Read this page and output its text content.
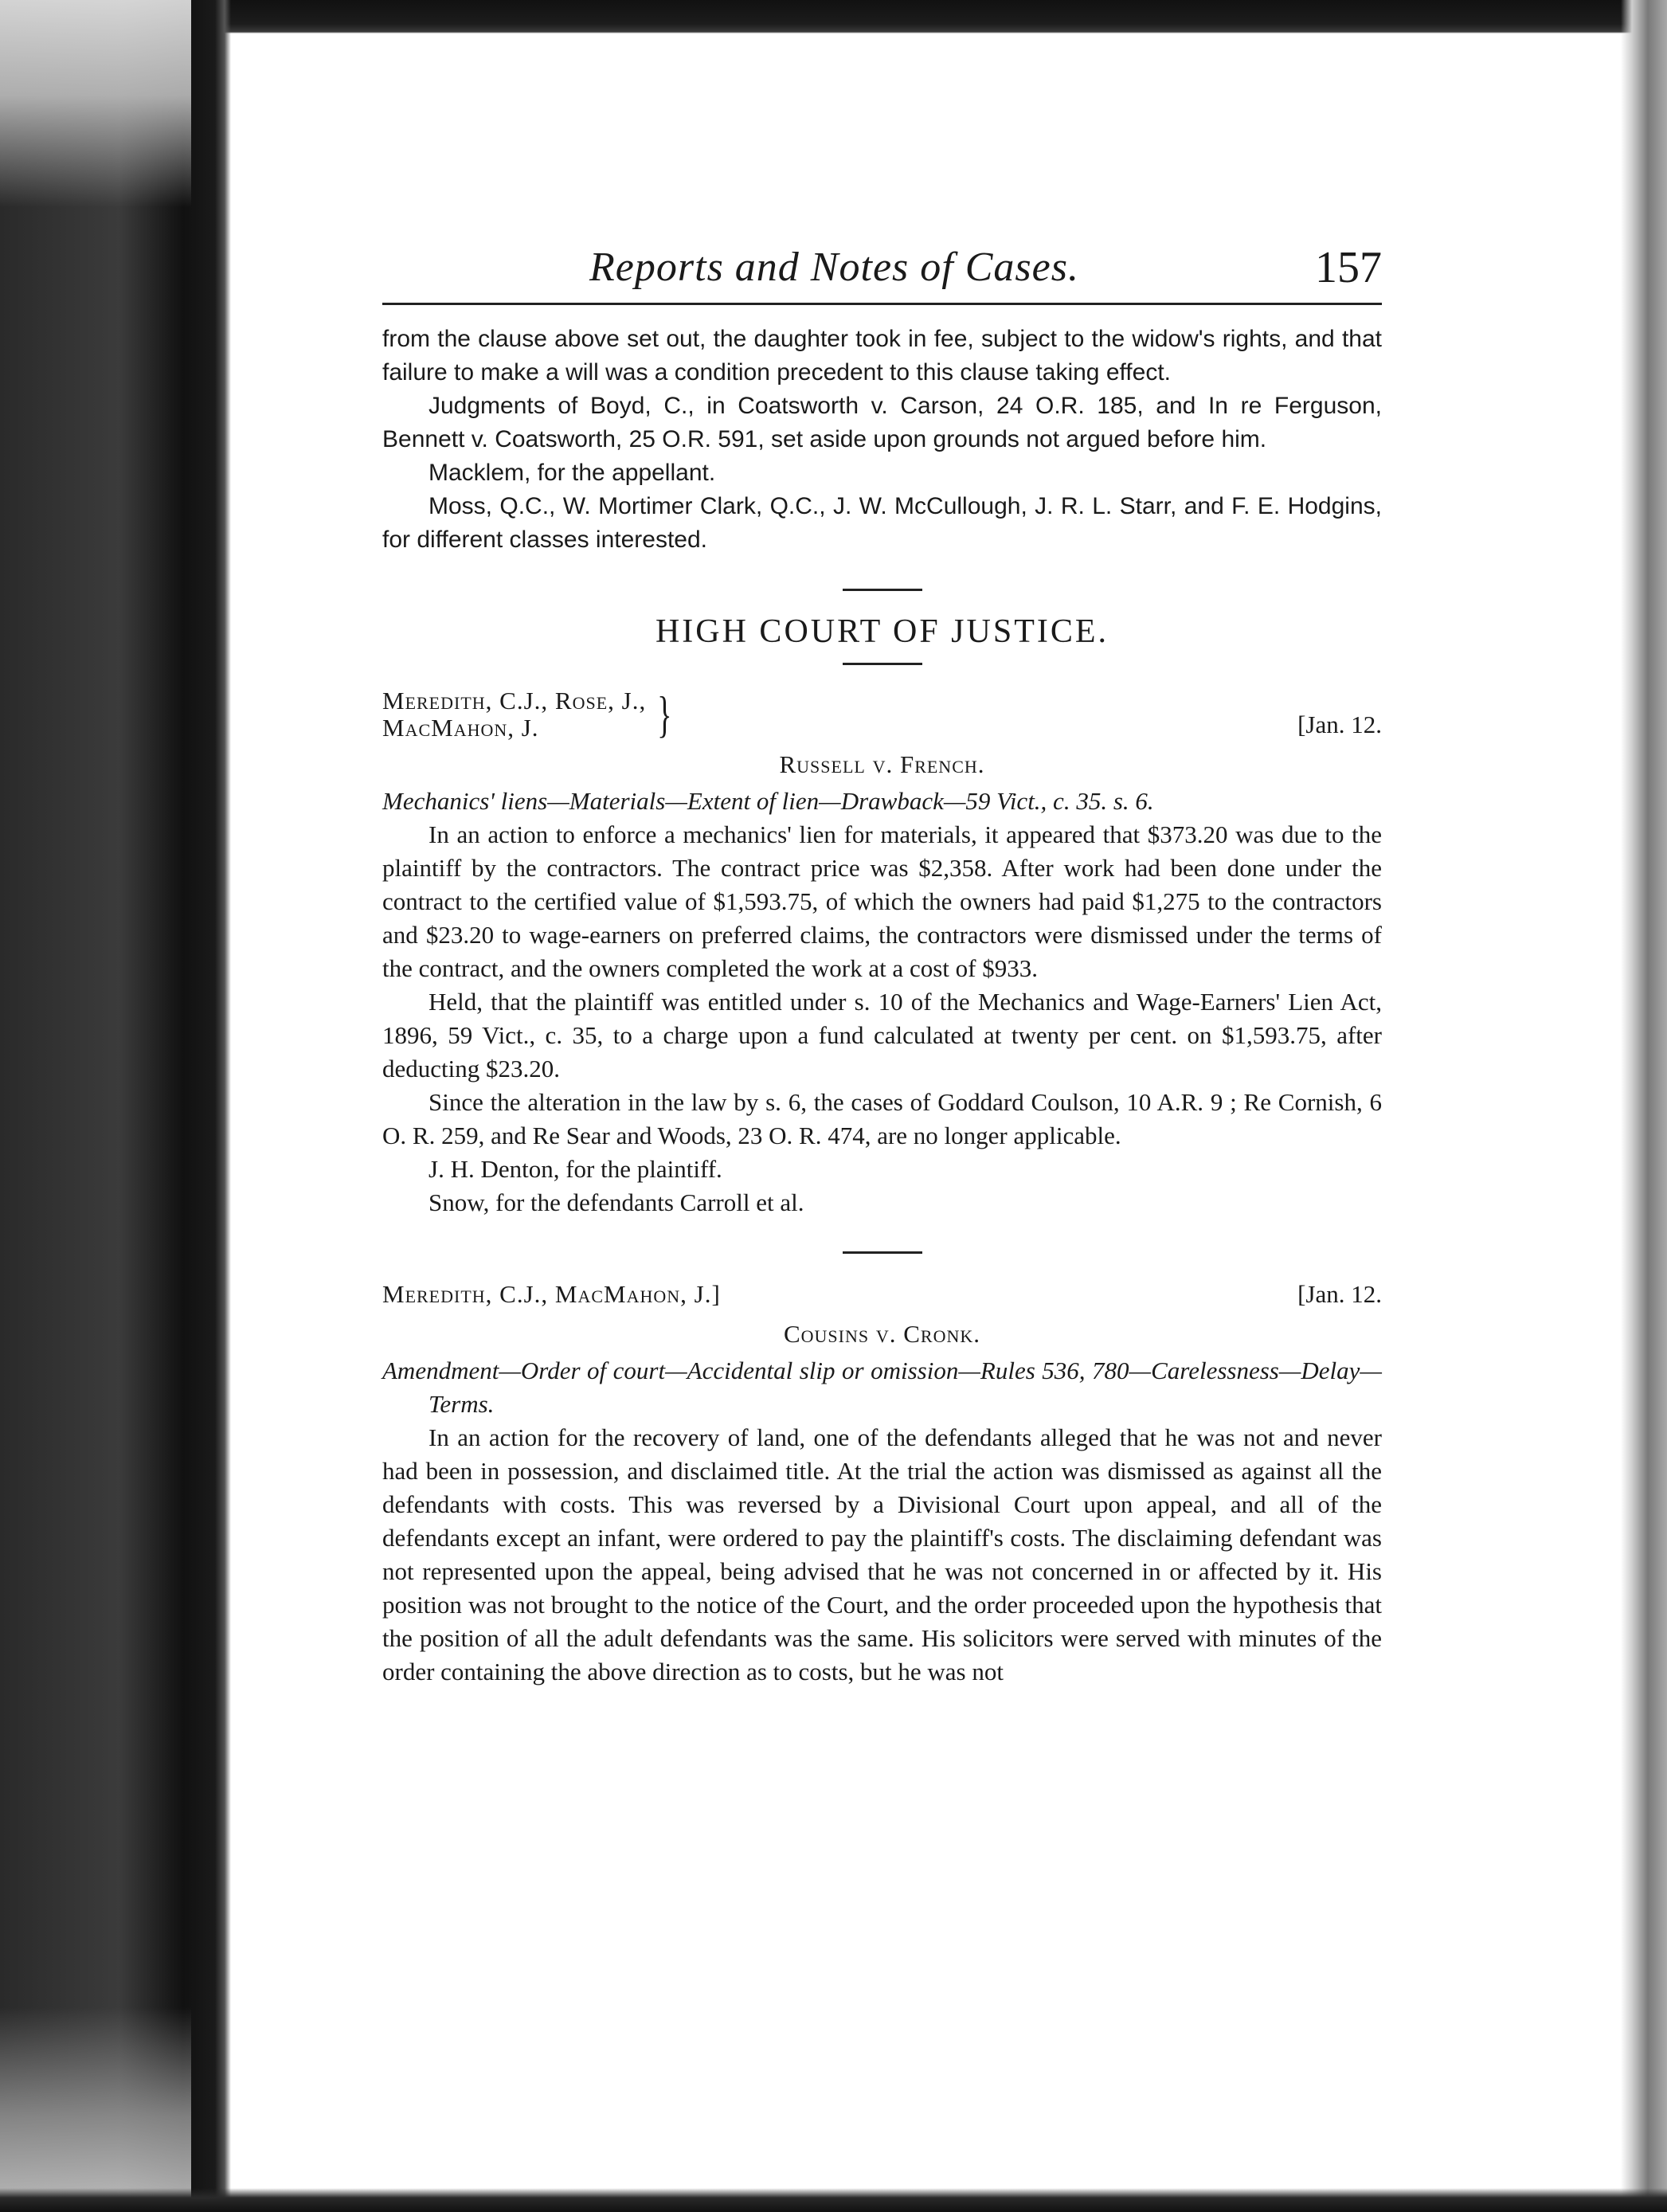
Reports and Notes of Cases.	157

from the clause above set out, the daughter took in fee, subject to the widow's rights, and that failure to make a will was a condition precedent to this clause taking effect.

Judgments of Boyd, C., in Coatsworth v. Carson, 24 O.R. 185, and In re Ferguson, Bennett v. Coatsworth, 25 O.R. 591, set aside upon grounds not argued before him.

Macklem, for the appellant.

Moss, Q.C., W. Mortimer Clark, Q.C., J. W. McCullough, J. R. L. Starr, and F. E. Hodgins, for different classes interested.

HIGH COURT OF JUSTICE.
Meredith, C.J., Rose, J.,
MacMahon, J.	}	[Jan. 12.
Russell v. French.

Mechanics' liens—Materials—Extent of lien—Drawback—59 Vict., c. 35. s. 6.

In an action to enforce a mechanics' lien for materials, it appeared that $373.20 was due to the plaintiff by the contractors. The contract price was $2,358. After work had been done under the contract to the certified value of $1,593.75, of which the owners had paid $1,275 to the contractors and $23.20 to wage-earners on preferred claims, the contractors were dismissed under the terms of the contract, and the owners completed the work at a cost of $933.

Held, that the plaintiff was entitled under s. 10 of the Mechanics and Wage-Earners' Lien Act, 1896, 59 Vict., c. 35, to a charge upon a fund calculated at twenty per cent. on $1,593.75, after deducting $23.20.

Since the alteration in the law by s. 6, the cases of Goddard Coulson, 10 A.R. 9 ; Re Cornish, 6 O. R. 259, and Re Sear and Woods, 23 O. R. 474, are no longer applicable.

J. H. Denton, for the plaintiff.

Snow, for the defendants Carroll et al.

Meredith, C.J., MacMahon, J.]	[Jan. 12.
Cousins v. Cronk.

Amendment—Order of court—Accidental slip or omission—Rules 536, 780—Carelessness—Delay—Terms.

In an action for the recovery of land, one of the defendants alleged that he was not and never had been in possession, and disclaimed title. At the trial the action was dismissed as against all the defendants with costs. This was reversed by a Divisional Court upon appeal, and all of the defendants except an infant, were ordered to pay the plaintiff's costs. The disclaiming defendant was not represented upon the appeal, being advised that he was not concerned in or affected by it. His position was not brought to the notice of the Court, and the order proceeded upon the hypothesis that the position of all the adult defendants was the same. His solicitors were served with minutes of the order containing the above direction as to costs, but he was not
